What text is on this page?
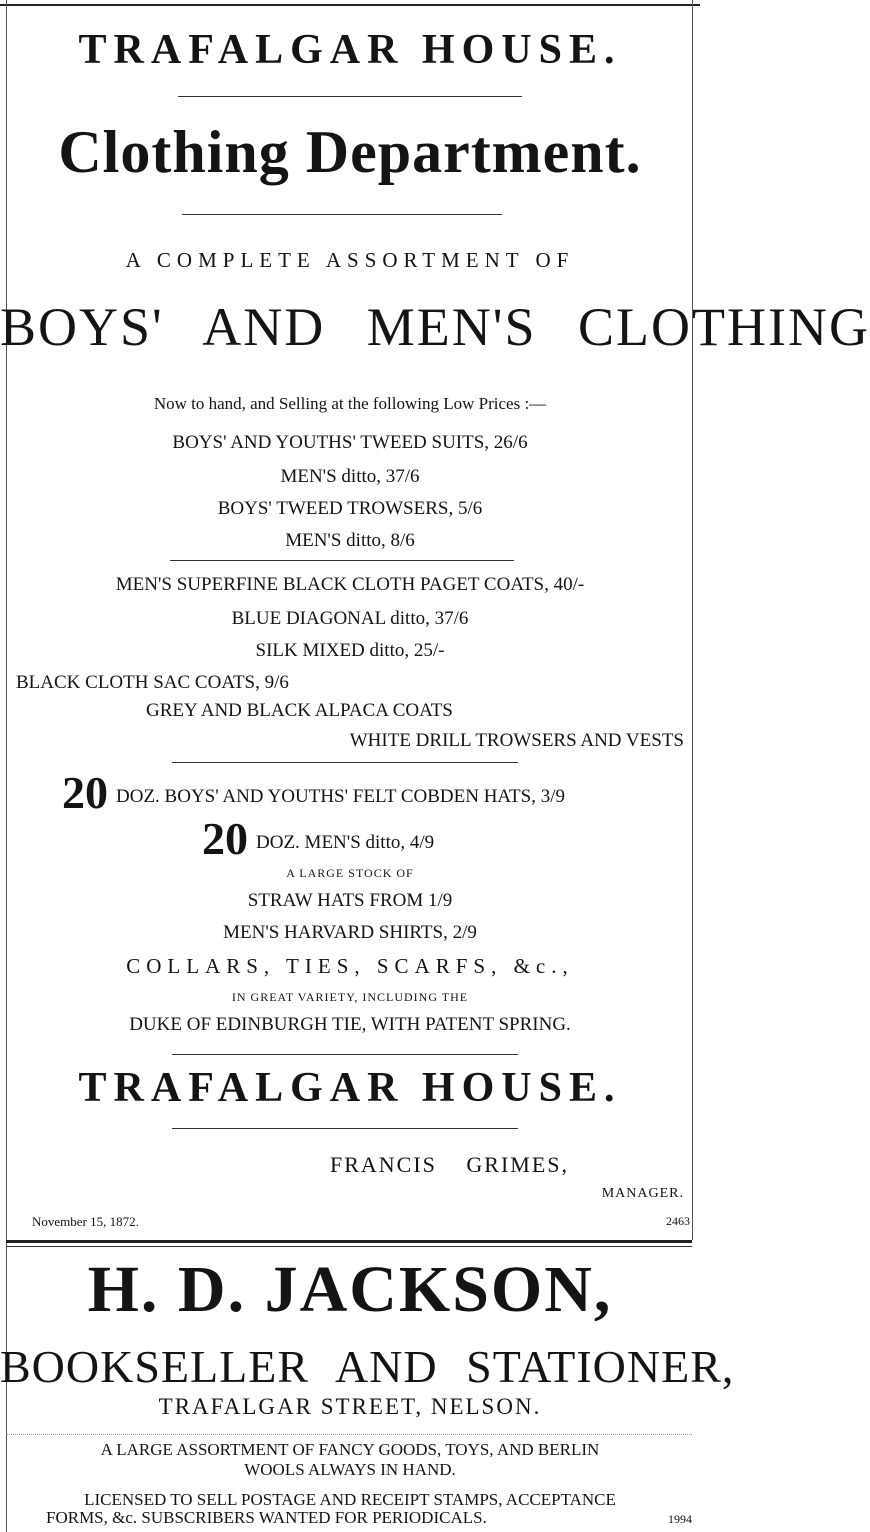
TRAFALGAR HOUSE.
Clothing Department.
A COMPLETE ASSORTMENT OF
BOYS' AND MEN'S CLOTHING
Now to hand, and Selling at the following Low Prices :—
BOYS' AND YOUTHS' TWEED SUITS, 26/6
MEN'S ditto, 37/6
BOYS' TWEED TROWSERS, 5/6
MEN'S ditto, 8/6
MEN'S SUPERFINE BLACK CLOTH PAGET COATS, 40/-
BLUE DIAGONAL ditto, 37/6
SILK MIXED ditto, 25/-
BLACK CLOTH SAC COATS, 9/6
GREY AND BLACK ALPACA COATS
WHITE DRILL TROWSERS AND VESTS
20 DOZ. BOYS' AND YOUTHS' FELT COBDEN HATS, 3/9
20 DOZ. MEN'S ditto, 4/9
A LARGE STOCK OF
STRAW HATS FROM 1/9
MEN'S HARVARD SHIRTS, 2/9
COLLARS, TIES, SCARFS, &c.,
IN GREAT VARIETY, INCLUDING THE
DUKE OF EDINBURGH TIE, WITH PATENT SPRING.
TRAFALGAR HOUSE.
FRANCIS GRIMES,
MANAGER.
November 15, 1872.	2463
H. D. JACKSON,
BOOKSELLER AND STATIONER,
TRAFALGAR STREET, NELSON.
A LARGE ASSORTMENT OF FANCY GOODS, TOYS, AND BERLIN
WOOLS ALWAYS IN HAND.
LICENSED TO SELL POSTAGE AND RECEIPT STAMPS, ACCEPTANCE
FORMS, &c. SUBSCRIBERS WANTED FOR PERIODICALS.	1994
